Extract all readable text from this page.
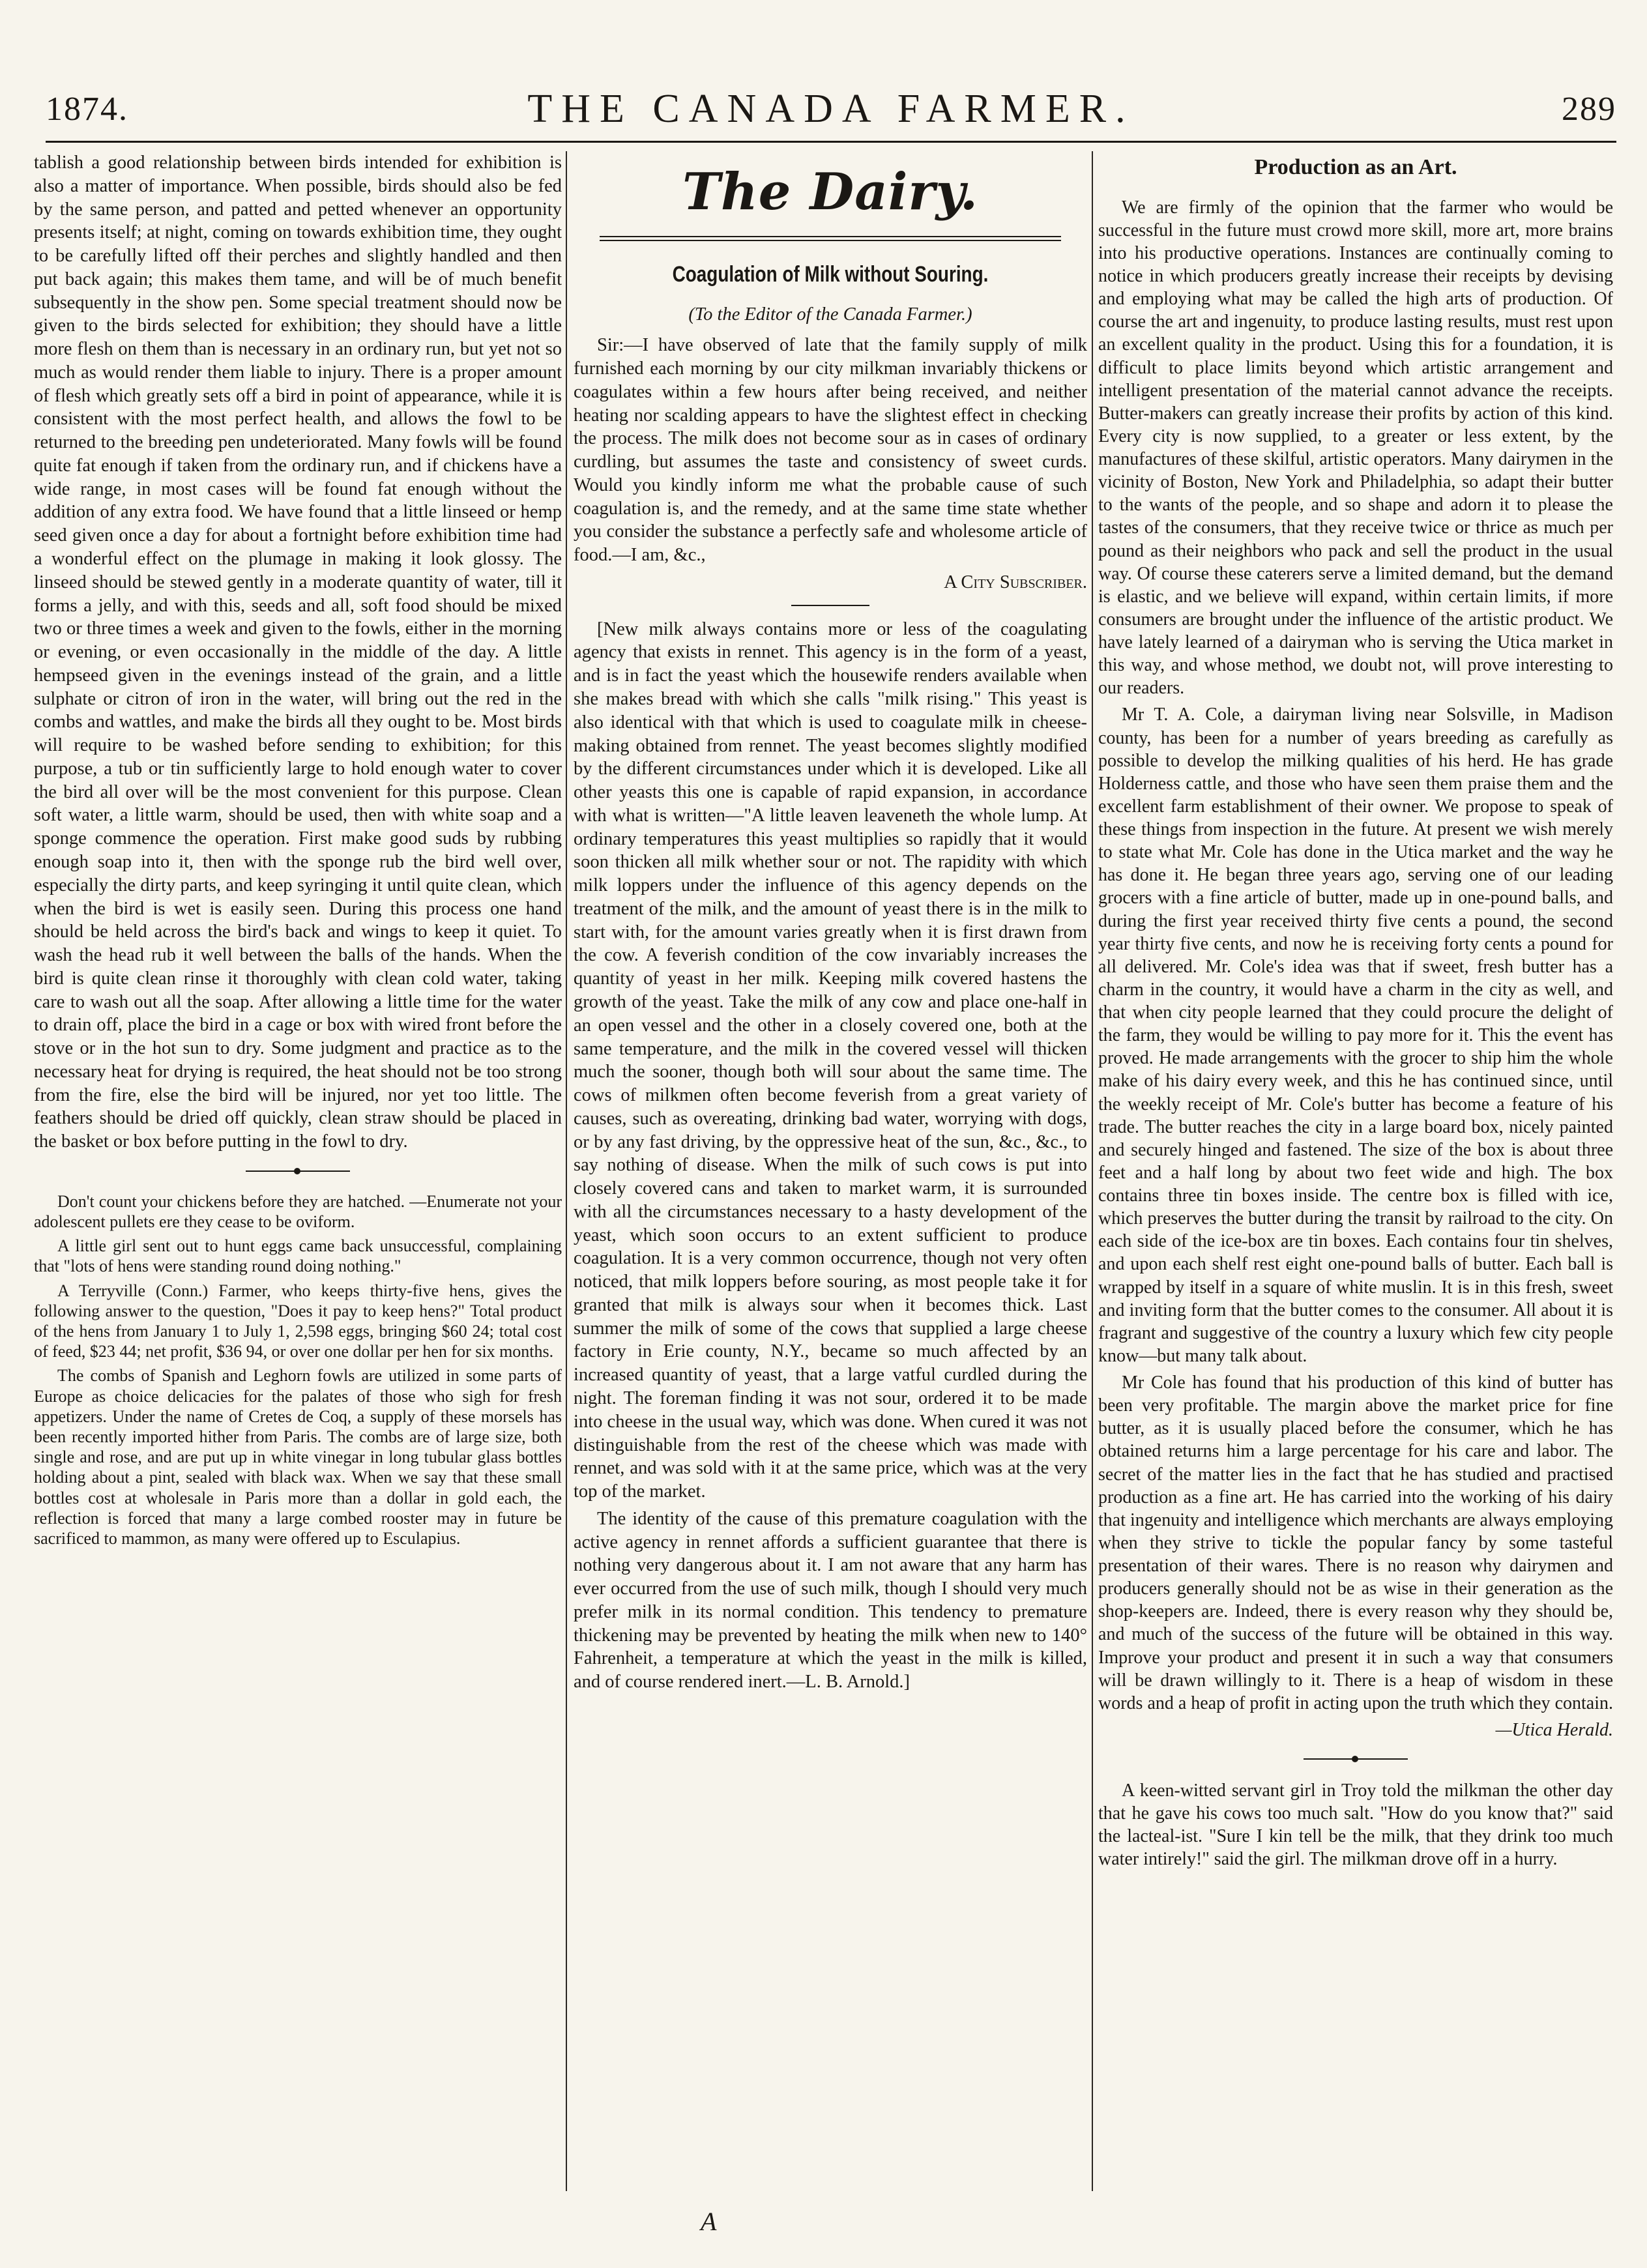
1874.	THE CANADA FARMER.	289

tablish a good relationship between birds intended for exhibition is also a matter of importance. When possible, birds should also be fed by the same person, and patted and petted whenever an opportunity presents itself; at night, coming on towards exhibition time, they ought to be carefully lifted off their perches and slightly handled and then put back again; this makes them tame, and will be of much benefit subsequently in the show pen. Some special treatment should now be given to the birds selected for exhibition; they should have a little more flesh on them than is necessary in an ordinary run, but yet not so much as would render them liable to injury. There is a proper amount of flesh which greatly sets off a bird in point of appearance, while it is consistent with the most perfect health, and allows the fowl to be returned to the breeding pen undeteriorated. Many fowls will be found quite fat enough if taken from the ordinary run, and if chickens have a wide range, in most cases will be found fat enough without the addition of any extra food. We have found that a little linseed or hemp seed given once a day for about a fortnight before exhibition time had a wonderful effect on the plumage in making it look glossy. The linseed should be stewed gently in a moderate quantity of water, till it forms a jelly, and with this, seeds and all, soft food should be mixed two or three times a week and given to the fowls, either in the morning or evening, or even occasionally in the middle of the day. A little hempseed given in the evenings instead of the grain, and a little sulphate or citron of iron in the water, will bring out the red in the combs and wattles, and make the birds all they ought to be. Most birds will require to be washed before sending to exhibition; for this purpose, a tub or tin sufficiently large to hold enough water to cover the bird all over will be the most convenient for this purpose. Clean soft water, a little warm, should be used, then with white soap and a sponge commence the operation. First make good suds by rubbing enough soap into it, then with the sponge rub the bird well over, especially the dirty parts, and keep syringing it until quite clean, which when the bird is wet is easily seen. During this process one hand should be held across the bird's back and wings to keep it quiet. To wash the head rub it well between the balls of the hands. When the bird is quite clean rinse it thoroughly with clean cold water, taking care to wash out all the soap. After allowing a little time for the water to drain off, place the bird in a cage or box with wired front before the stove or in the hot sun to dry. Some judgment and practice as to the necessary heat for drying is required, the heat should not be too strong from the fire, else the bird will be injured, nor yet too little. The feathers should be dried off quickly, clean straw should be placed in the basket or box before putting in the fowl to dry.

Don't count your chickens before they are hatched. —Enumerate not your adolescent pullets ere they cease to be oviform.

A little girl sent out to hunt eggs came back unsuccessful, complaining that "lots of hens were standing round doing nothing."

A Terryville (Conn.) Farmer, who keeps thirty-five hens, gives the following answer to the question, "Does it pay to keep hens?" Total product of the hens from January 1 to July 1, 2,598 eggs, bringing $60 24; total cost of feed, $23 44; net profit, $36 94, or over one dollar per hen for six months.

The combs of Spanish and Leghorn fowls are utilized in some parts of Europe as choice delicacies for the palates of those who sigh for fresh appetizers. Under the name of Cretes de Coq, a supply of these morsels has been recently imported hither from Paris. The combs are of large size, both single and rose, and are put up in white vinegar in long tubular glass bottles holding about a pint, sealed with black wax. When we say that these small bottles cost at wholesale in Paris more than a dollar in gold each, the reflection is forced that many a large combed rooster may in future be sacrificed to mammon, as many were offered up to Esculapius.

The Dairy.
Coagulation of Milk without Souring.

(To the Editor of the Canada Farmer.)

Sir:—I have observed of late that the family supply of milk furnished each morning by our city milkman invariably thickens or coagulates within a few hours after being received, and neither heating nor scalding appears to have the slightest effect in checking the process. The milk does not become sour as in cases of ordinary curdling, but assumes the taste and consistency of sweet curds. Would you kindly inform me what the probable cause of such coagulation is, and the remedy, and at the same time state whether you consider the substance a perfectly safe and wholesome article of food.—I am, &c.,

A City Subscriber.

[New milk always contains more or less of the coagulating agency that exists in rennet. This agency is in the form of a yeast, and is in fact the yeast which the housewife renders available when she makes bread with which she calls "milk rising." This yeast is also identical with that which is used to coagulate milk in cheese-making obtained from rennet. The yeast becomes slightly modified by the different circumstances under which it is developed. Like all other yeasts this one is capable of rapid expansion, in accordance with what is written—"A little leaven leaveneth the whole lump. At ordinary temperatures this yeast multiplies so rapidly that it would soon thicken all milk whether sour or not. The rapidity with which milk loppers under the influence of this agency depends on the treatment of the milk, and the amount of yeast there is in the milk to start with, for the amount varies greatly when it is first drawn from the cow. A feverish condition of the cow invariably increases the quantity of yeast in her milk. Keeping milk covered hastens the growth of the yeast. Take the milk of any cow and place one-half in an open vessel and the other in a closely covered one, both at the same temperature, and the milk in the covered vessel will thicken much the sooner, though both will sour about the same time. The cows of milkmen often become feverish from a great variety of causes, such as overeating, drinking bad water, worrying with dogs, or by any fast driving, by the oppressive heat of the sun, &c., &c., to say nothing of disease. When the milk of such cows is put into closely covered cans and taken to market warm, it is surrounded with all the circumstances necessary to a hasty development of the yeast, which soon occurs to an extent sufficient to produce coagulation. It is a very common occurrence, though not very often noticed, that milk loppers before souring, as most people take it for granted that milk is always sour when it becomes thick. Last summer the milk of some of the cows that supplied a large cheese factory in Erie county, N.Y., became so much affected by an increased quantity of yeast, that a large vatful curdled during the night. The foreman finding it was not sour, ordered it to be made into cheese in the usual way, which was done. When cured it was not distinguishable from the rest of the cheese which was made with rennet, and was sold with it at the same price, which was at the very top of the market.

The identity of the cause of this premature coagulation with the active agency in rennet affords a sufficient guarantee that there is nothing very dangerous about it. I am not aware that any harm has ever occurred from the use of such milk, though I should very much prefer milk in its normal condition. This tendency to premature thickening may be prevented by heating the milk when new to 140° Fahrenheit, a temperature at which the yeast in the milk is killed, and of course rendered inert.—L. B. Arnold.]

Production as an Art.

We are firmly of the opinion that the farmer who would be successful in the future must crowd more skill, more art, more brains into his productive operations. Instances are continually coming to notice in which producers greatly increase their receipts by devising and employing what may be called the high arts of production. Of course the art and ingenuity, to produce lasting results, must rest upon an excellent quality in the product. Using this for a foundation, it is difficult to place limits beyond which artistic arrangement and intelligent presentation of the material cannot advance the receipts. Butter-makers can greatly increase their profits by action of this kind. Every city is now supplied, to a greater or less extent, by the manufactures of these skilful, artistic operators. Many dairymen in the vicinity of Boston, New York and Philadelphia, so adapt their butter to the wants of the people, and so shape and adorn it to please the tastes of the consumers, that they receive twice or thrice as much per pound as their neighbors who pack and sell the product in the usual way. Of course these caterers serve a limited demand, but the demand is elastic, and we believe will expand, within certain limits, if more consumers are brought under the influence of the artistic product. We have lately learned of a dairyman who is serving the Utica market in this way, and whose method, we doubt not, will prove interesting to our readers.

Mr T. A. Cole, a dairyman living near Solsville, in Madison county, has been for a number of years breeding as carefully as possible to develop the milking qualities of his herd. He has grade Holderness cattle, and those who have seen them praise them and the excellent farm establishment of their owner. We propose to speak of these things from inspection in the future. At present we wish merely to state what Mr. Cole has done in the Utica market and the way he has done it. He began three years ago, serving one of our leading grocers with a fine article of butter, made up in one-pound balls, and during the first year received thirty five cents a pound, the second year thirty five cents, and now he is receiving forty cents a pound for all delivered. Mr. Cole's idea was that if sweet, fresh butter has a charm in the country, it would have a charm in the city as well, and that when city people learned that they could procure the delight of the farm, they would be willing to pay more for it. This the event has proved. He made arrangements with the grocer to ship him the whole make of his dairy every week, and this he has continued since, until the weekly receipt of Mr. Cole's butter has become a feature of his trade. The butter reaches the city in a large board box, nicely painted and securely hinged and fastened. The size of the box is about three feet and a half long by about two feet wide and high. The box contains three tin boxes inside. The centre box is filled with ice, which preserves the butter during the transit by railroad to the city. On each side of the ice-box are tin boxes. Each contains four tin shelves, and upon each shelf rest eight one-pound balls of butter. Each ball is wrapped by itself in a square of white muslin. It is in this fresh, sweet and inviting form that the butter comes to the consumer. All about it is fragrant and suggestive of the country a luxury which few city people know—but many talk about.

Mr Cole has found that his production of this kind of butter has been very profitable. The margin above the market price for fine butter, as it is usually placed before the consumer, which he has obtained returns him a large percentage for his care and labor. The secret of the matter lies in the fact that he has studied and practised production as a fine art. He has carried into the working of his dairy that ingenuity and intelligence which merchants are always employing when they strive to tickle the popular fancy by some tasteful presentation of their wares. There is no reason why dairymen and producers generally should not be as wise in their generation as the shop-keepers are. Indeed, there is every reason why they should be, and much of the success of the future will be obtained in this way. Improve your product and present it in such a way that consumers will be drawn willingly to it. There is a heap of wisdom in these words and a heap of profit in acting upon the truth which they contain.

—Utica Herald.

A keen-witted servant girl in Troy told the milkman the other day that he gave his cows too much salt. "How do you know that?" said the lacteal-ist. "Sure I kin tell be the milk, that they drink too much water intirely!" said the girl. The milkman drove off in a hurry.

A
